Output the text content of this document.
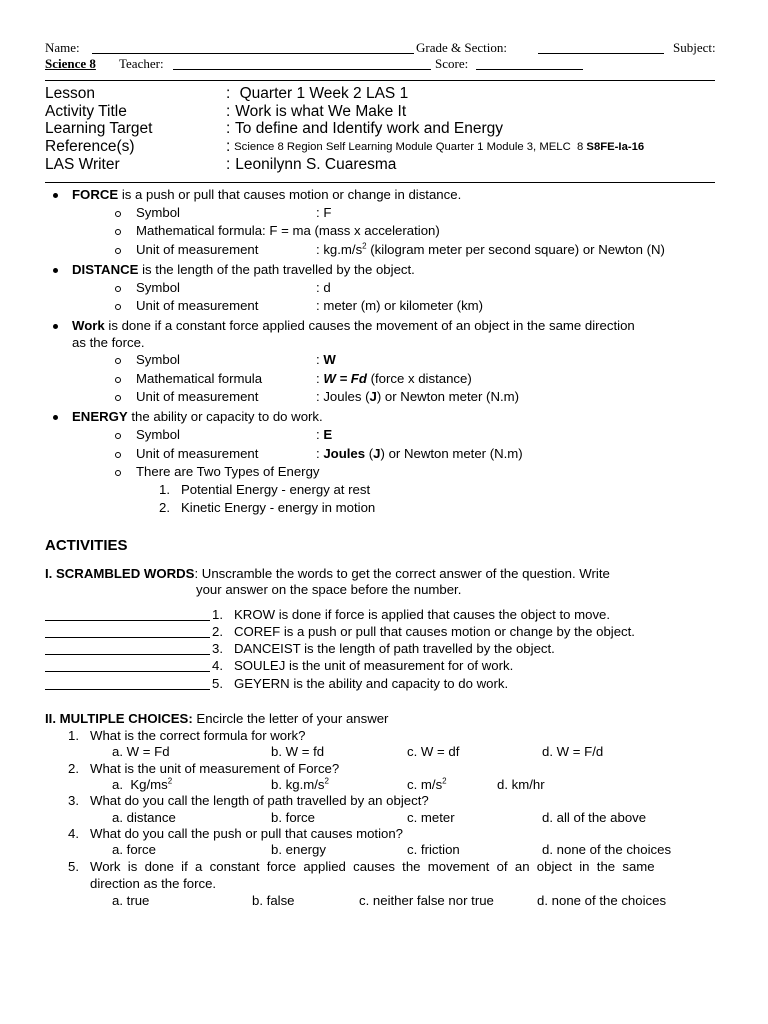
Name:	Grade & Section:	Subject:
Science 8 Teacher:	Score:
Lesson	: Quarter 1 Week 2 LAS 1
Activity Title	: Work is what We Make It
Learning Target	: To define and Identify work and Energy
Reference(s)	: Science 8 Region Self Learning Module Quarter 1 Module 3, MELC  8 S8FE-Ia-16
LAS Writer	: Leonilynn S. Cuaresma
FORCE is a push or pull that causes motion or change in distance.
Symbol	: F
Mathematical formula: F = ma (mass x acceleration)
Unit of measurement	: $kg.m/s^2$ (kilogram meter per second square) or Newton (N)
DISTANCE is the length of the path travelled by the object.
Symbol	: d
Unit of measurement	: meter (m) or kilometer (km)
Work is done if a constant force applied causes the movement of an object in the same direction
as the force.
Symbol	: W
Mathematical formula	: W = Fd (force x distance)
Unit of measurement	: Joules (J) or Newton meter (N.m)
ENERGY the ability or capacity to do work.
Symbol	: E
Unit of measurement	: Joules (J) or Newton meter (N.m)
There are Two Types of Energy
1. Potential Energy - energy at rest
2. Kinetic Energy - energy in motion
ACTIVITIES
I. SCRAMBLED WORDS: Unscramble the words to get the correct answer of the question. Write
your answer on the space before the number.
1. KROW is done if force is applied that causes the object to move.
2. COREF is a push or pull that causes motion or change by the object.
3. DANCEIST is the length of path travelled by the object.
4. SOULEJ is the unit of measurement for of work.
5. GEYERN is the ability and capacity to do work.
II. MULTIPLE CHOICES: Encircle the letter of your answer
1. What is the correct formula for work?
a. W = Fd	b. W = fd	c. W = df	d. W = F/d
2. What is the unit of measurement of Force?
a.  $Kg/ms^2$	b. $kg.m/s^2$	c. $m/s^2$	d. km/hr
3. What do you call the length of path travelled by an object?
a. distance	b. force	c. meter	d. all of the above
4. What do you call the push or pull that causes motion?
a. force	b. energy	c. friction	d. none of the choices
5. Work is done if a constant force applied causes the movement of an object in the same
direction as the force.
a. true	b. false	c. neither false nor true	d. none of the choices
